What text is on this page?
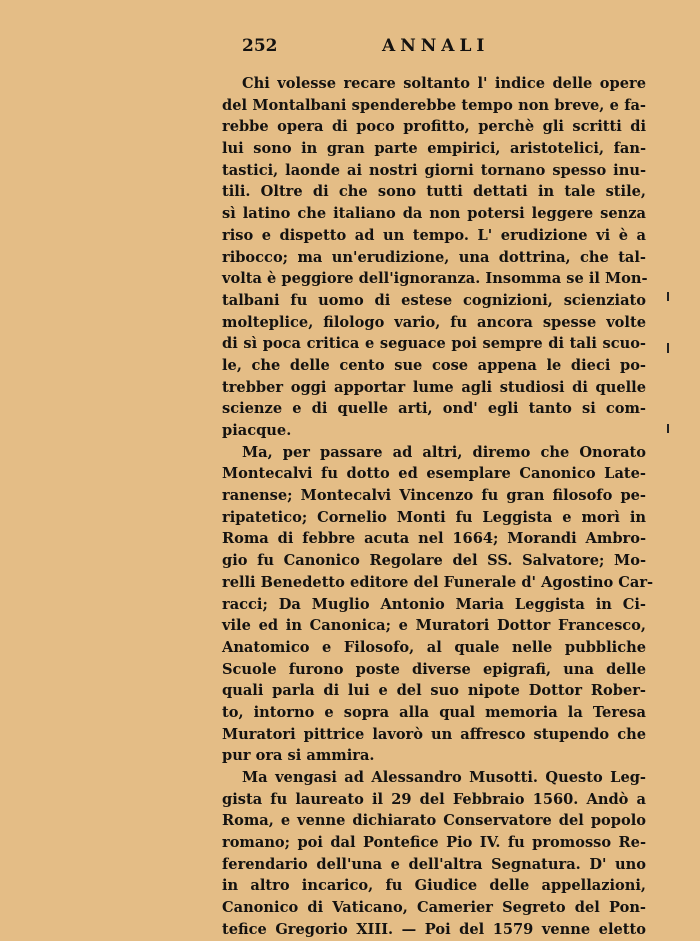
252	ANNALI
Chi volesse recare soltanto l' indice delle opere
del Montalbani spenderebbe tempo non breve, e fa-
rebbe opera di poco profitto, perchè gli scritti di
lui sono in gran parte empirici, aristotelici, fan-
tastici, laonde ai nostri giorni tornano spesso inu-
tili. Oltre di che sono tutti dettati in tale stile,
sì latino che italiano da non potersi leggere senza
riso e dispetto ad un tempo. L' erudizione vi è a
ribocco; ma un'erudizione, una dottrina, che tal-
volta è peggiore dell'ignoranza. Insomma se il Mon-
talbani fu uomo di estese cognizioni, scienziato
molteplice, filologo vario, fu ancora spesse volte
di sì poca critica e seguace poi sempre di tali scuo-
le, che delle cento sue cose appena le dieci po-
trebber oggi apportar lume agli studiosi di quelle
scienze e di quelle arti, ond' egli tanto si com-
piacque.
Ma, per passare ad altri, diremo che Onorato
Montecalvi fu dotto ed esemplare Canonico Late-
ranense; Montecalvi Vincenzo fu gran filosofo pe-
ripatetico; Cornelio Monti fu Leggista e morì in
Roma di febbre acuta nel 1664; Morandi Ambro-
gio fu Canonico Regolare del SS. Salvatore; Mo-
relli Benedetto editore del Funerale d' Agostino Car-
racci; Da Muglio Antonio Maria Leggista in Ci-
vile ed in Canonica; e Muratori Dottor Francesco,
Anatomico e Filosofo, al quale nelle pubbliche
Scuole furono poste diverse epigrafi, una delle
quali parla di lui e del suo nipote Dottor Rober-
to, intorno e sopra alla qual memoria la Teresa
Muratori pittrice lavorò un affresco stupendo che
pur ora si ammira.
Ma vengasi ad Alessandro Musotti. Questo Leg-
gista fu laureato il 29 del Febbraio 1560. Andò a
Roma, e venne dichiarato Conservatore del popolo
romano; poi dal Pontefice Pio IV. fu promosso Re-
ferendario dell'una e dell'altra Segnatura. D' uno
in altro incarico, fu Giudice delle appellazioni,
Canonico di Vaticano, Camerier Segreto del Pon-
tefice Gregorio XIII. — Poi del 1579 venne eletto
